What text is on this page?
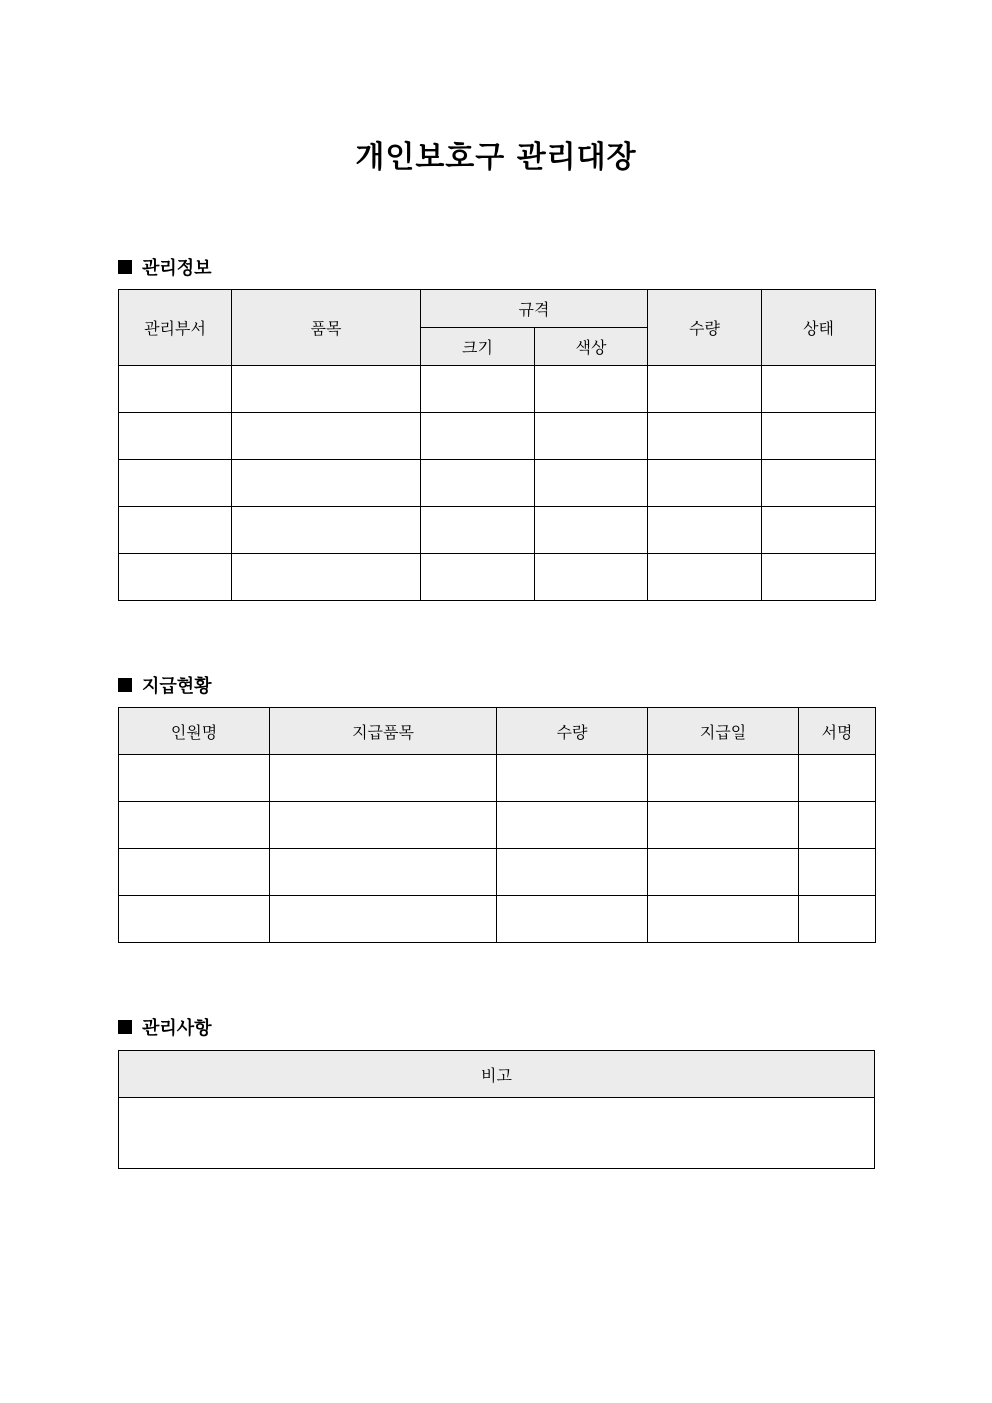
개인보호구 관리대장
관리정보
관리부서	품목	규격		수량	상태
		크기	색상		

지급현황
인원명	지급품목	수량	지급일	서명

관리사항
비고
